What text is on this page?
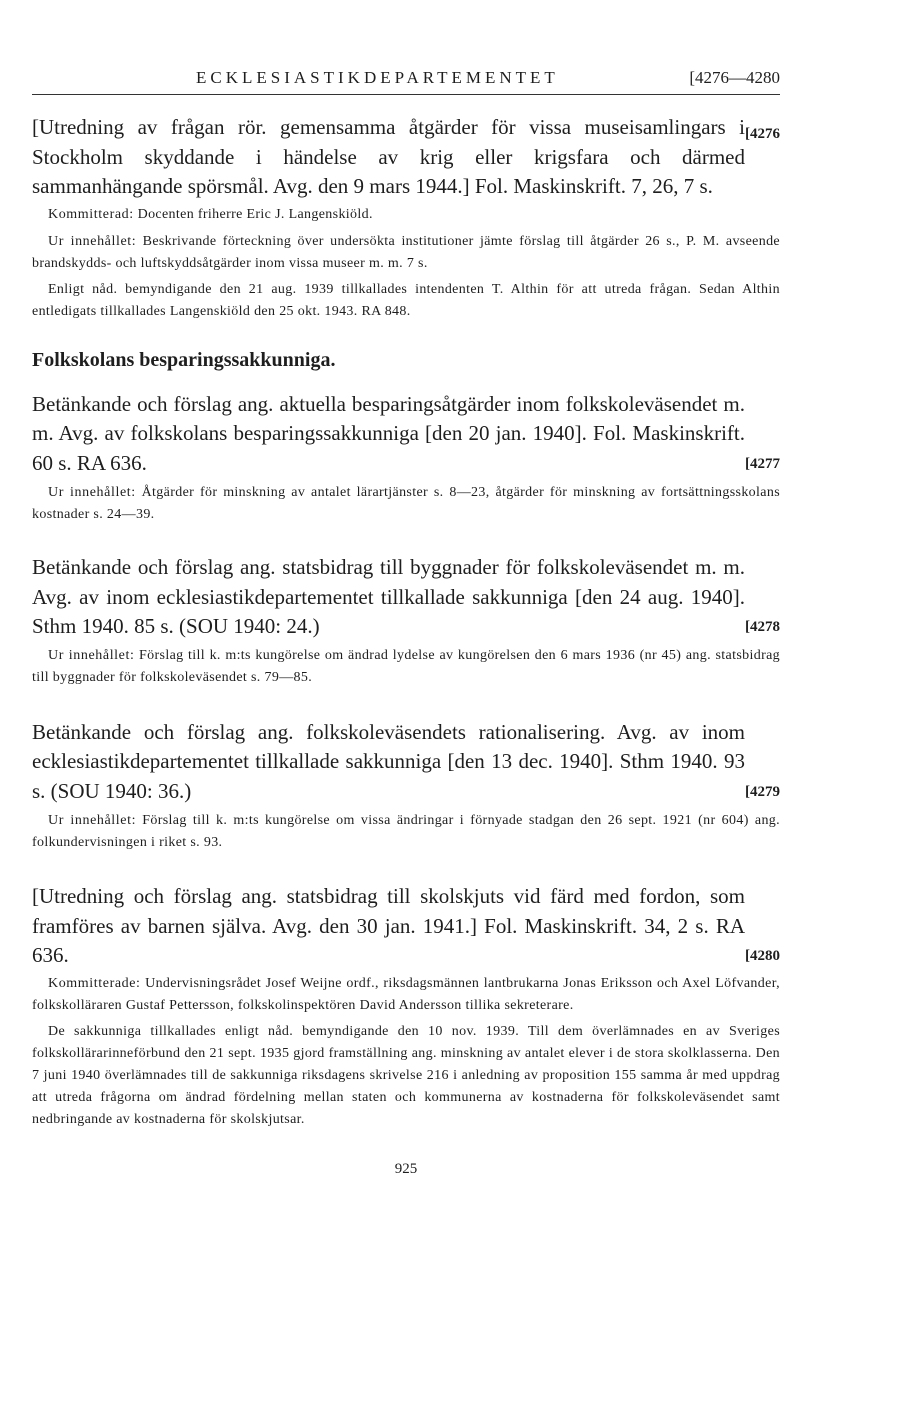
ECKLESIASTIKDEPARTEMENTET	[4276—4280

[4276
[Utredning av frågan rör. gemensamma åtgärder för vissa museisamlingars i Stockholm skyddande i händelse av krig eller krigsfara och därmed sammanhängande spörsmål. Avg. den 9 mars 1944.] Fol. Maskinskrift. 7, 26, 7 s.

Kommitterad: Docenten friherre Eric J. Langenskiöld.

Ur innehållet: Beskrivande förteckning över undersökta institutioner jämte förslag till åtgärder 26 s., P. M. avseende brandskydds- och luftskyddsåtgärder inom vissa museer m. m. 7 s.

Enligt nåd. bemyndigande den 21 aug. 1939 tillkallades intendenten T. Althin för att utreda frågan. Sedan Althin entledigats tillkallades Langenskiöld den 25 okt. 1943. RA 848.

Folkskolans besparingssakkunniga.

[4277
Betänkande och förslag ang. aktuella besparingsåtgärder inom folkskoleväsendet m. m. Avg. av folkskolans besparingssakkunniga [den 20 jan. 1940]. Fol. Maskinskrift. 60 s. RA 636.

Ur innehållet: Åtgärder för minskning av antalet lärartjänster s. 8—23, åtgärder för minskning av fortsättningsskolans kostnader s. 24—39.

[4278
Betänkande och förslag ang. statsbidrag till byggnader för folkskoleväsendet m. m. Avg. av inom ecklesiastikdepartementet tillkallade sakkunniga [den 24 aug. 1940]. Sthm 1940. 85 s. (SOU 1940: 24.)

Ur innehållet: Förslag till k. m:ts kungörelse om ändrad lydelse av kungörelsen den 6 mars 1936 (nr 45) ang. statsbidrag till byggnader för folkskoleväsendet s. 79—85.

[4279
Betänkande och förslag ang. folkskoleväsendets rationalisering. Avg. av inom ecklesiastikdepartementet tillkallade sakkunniga [den 13 dec. 1940]. Sthm 1940. 93 s. (SOU 1940: 36.)

Ur innehållet: Förslag till k. m:ts kungörelse om vissa ändringar i förnyade stadgan den 26 sept. 1921 (nr 604) ang. folkundervisningen i riket s. 93.

[4280
[Utredning och förslag ang. statsbidrag till skolskjuts vid färd med fordon, som framföres av barnen själva. Avg. den 30 jan. 1941.] Fol. Maskinskrift. 34, 2 s. RA 636.

Kommitterade: Undervisningsrådet Josef Weijne ordf., riksdagsmännen lantbrukarna Jonas Eriksson och Axel Löfvander, folkskolläraren Gustaf Pettersson, folkskolinspektören David Andersson tillika sekreterare.

De sakkunniga tillkallades enligt nåd. bemyndigande den 10 nov. 1939. Till dem överlämnades en av Sveriges folkskollärarinneförbund den 21 sept. 1935 gjord framställning ang. minskning av antalet elever i de stora skolklasserna. Den 7 juni 1940 överlämnades till de sakkunniga riksdagens skrivelse 216 i anledning av proposition 155 samma år med uppdrag att utreda frågorna om ändrad fördelning mellan staten och kommunerna av kostnaderna för folkskoleväsendet samt nedbringande av kostnaderna för skolskjutsar.

925
